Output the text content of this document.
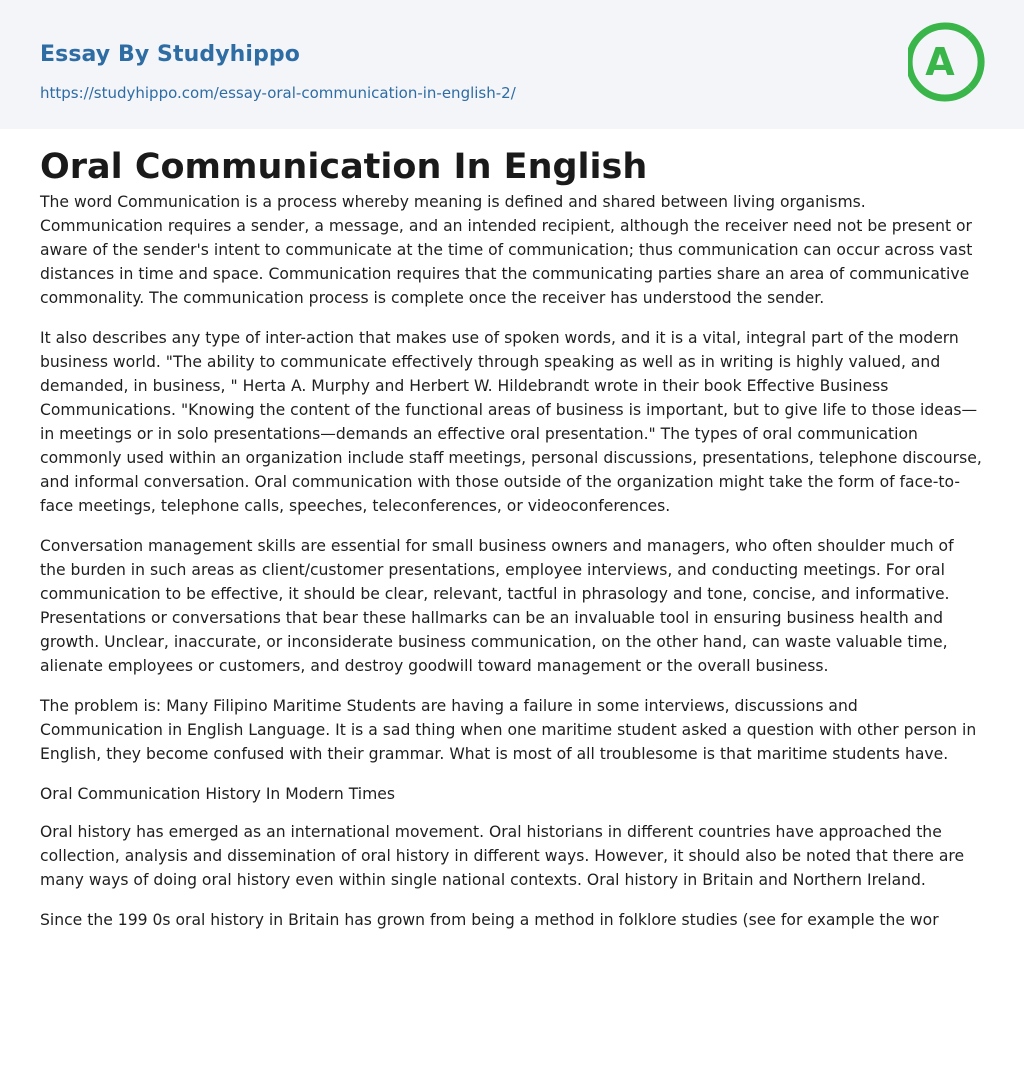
Essay By Studyhippo
https://studyhippo.com/essay-oral-communication-in-english-2/
A
Oral Communication In English

The word Communication is a process whereby meaning is defined and shared between living organisms. Communication requires a sender, a message, and an intended recipient, although the receiver need not be present or aware of the sender's intent to communicate at the time of communication; thus communication can occur across vast distances in time and space. Communication requires that the communicating parties share an area of communicative commonality. The communication process is complete once the receiver has understood the sender.

It also describes any type of inter-action that makes use of spoken words, and it is a vital, integral part of the modern business world. "The ability to communicate effectively through speaking as well as in writing is highly valued, and demanded, in business, " Herta A. Murphy and Herbert W. Hildebrandt wrote in their book Effective Business Communications. "Knowing the content of the functional areas of business is important, but to give life to those ideas—in meetings or in solo presentations—demands an effective oral presentation." The types of oral communication commonly used within an organization include staff meetings, personal discussions, presentations, telephone discourse, and informal conversation. Oral communication with those outside of the organization might take the form of face-to-face meetings, telephone calls, speeches, teleconferences, or videoconferences.

Conversation management skills are essential for small business owners and managers, who often shoulder much of the burden in such areas as client/customer presentations, employee interviews, and conducting meetings. For oral communication to be effective, it should be clear, relevant, tactful in phrasology and tone, concise, and informative. Presentations or conversations that bear these hallmarks can be an invaluable tool in ensuring business health and growth. Unclear, inaccurate, or inconsiderate business communication, on the other hand, can waste valuable time, alienate employees or customers, and destroy goodwill toward management or the overall business.

The problem is: Many Filipino Maritime Students are having a failure in some interviews, discussions and Communication in English Language. It is a sad thing when one maritime student asked a question with other person in English, they become confused with their grammar. What is most of all troublesome is that maritime students have.

Oral Communication History In Modern Times

Oral history has emerged as an international movement. Oral historians in different countries have approached the collection, analysis and dissemination of oral history in different ways. However, it should also be noted that there are many ways of doing oral history even within single national contexts. Oral history in Britain and Northern Ireland.

Since the 199 0s oral history in Britain has grown from being a method in folklore studies (see for example the wor
